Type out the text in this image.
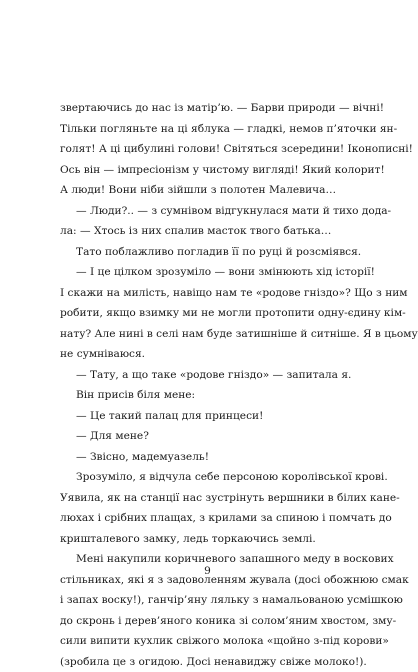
звертаючись до нас із матір’ю. — Барви природи — вічні!
Тільки погляньте на ці яблука — гладкі, немов п’яточки ян-
голят! А ці цибулині голови! Світяться зсередини! Іконописні!
Ось він — імпресіонізм у чистому вигляді! Який колорит!
А люди! Вони ніби зійшли з полотен Малевича…
— Люди?.. — з сумнівом відгукнулася мати й тихо дода-
ла: — Хтось із них спалив масток твого батька…
Тато поблажливо погладив її по руці й розсміявся.
— І це цілком зрозуміло — вони змінюють хід історії!
І скажи на милість, навіщо нам те «родове гніздо»? Що з ним
робити, якщо взимку ми не могли протопити одну-єдину кім-
нату? Але нині в селі нам буде затишніше й ситніше. Я в цьому
не сумніваюся.
— Тату, а що таке «родове гніздо» — запитала я.
Він присів біля мене:
— Це такий палац для принцеси!
— Для мене?
— Звісно, мадемуазель!
Зрозуміло, я відчула себе персоною королівської крові.
Уявила, як на станції нас зустрінуть вершники в білих кане-
люхах і срібних плащах, з крилами за спиною і помчать до
кришталевого замку, ледь торкаючись землі.
Мені накупили коричневого запашного меду в воскових
стільниках, які я з задоволенням жувала (досі обожнюю смак
і запах воску!), ганчір’яну ляльку з намальованою усмішкою
до скронь і дерев’яного коника зі солом’яним хвостом, зму-
сили випити кухлик свіжого молока «щойно з-під корови»
(зробила це з огидою. Досі ненавиджу свіже молоко!).
9
